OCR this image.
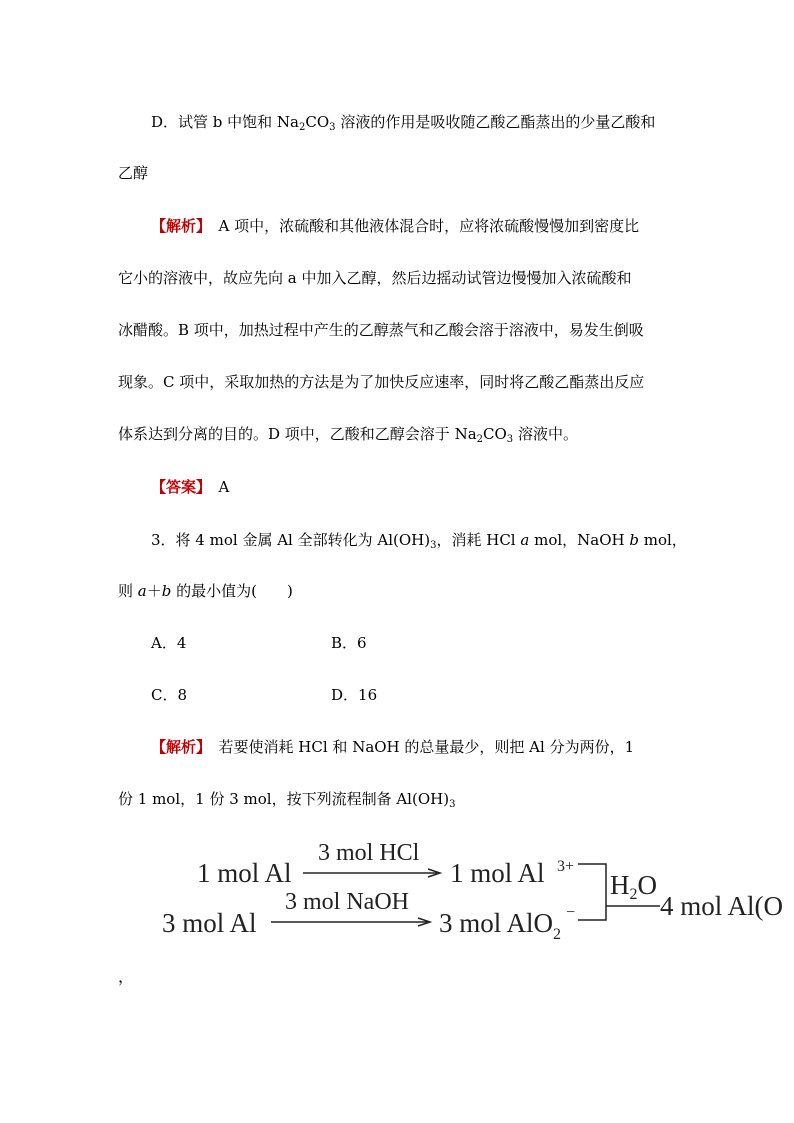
D．试管 b 中饱和 $Na_2CO_3$ 溶液的作用是吸收随乙酸乙酯蒸出的少量乙酸和
乙醇
【解析】　 A 项中，浓硫酸和其他液体混合时，应将浓硫酸慢慢加到密度比
它小的溶液中，故应先向 a 中加入乙醇，然后边摇动试管边慢慢加入浓硫酸和
冰醋酸。B 项中，加热过程中产生的乙醇蒸气和乙酸会溶于溶液中，易发生倒吸
现象。C 项中，采取加热的方法是为了加快反应速率，同时将乙酸乙酯蒸出反应
体系达到分离的目的。D 项中，乙酸和乙醇会溶于 $Na_2CO_3$ 溶液中。
【答案】　 A
3．将 4 mol 金属 Al 全部转化为 $Al(OH)_3$，消耗 HCl a mol，NaOH b mol，
则 a＋b 的最小值为(　　)
A．4	B．6
C．8	D．16
【解析】　 若要使消耗 HCl 和 NaOH 的总量最少，则把 Al 分为两份，1
份 1 mol，1 份 3 mol，按下列流程制备 $Al(OH)_3$
1 mol Al
3 mol HCl
1 mol Al 3+
3 mol Al
3 mol NaOH
3 mol AlO$_2$
−
H2O
4 mol Al(O
，
